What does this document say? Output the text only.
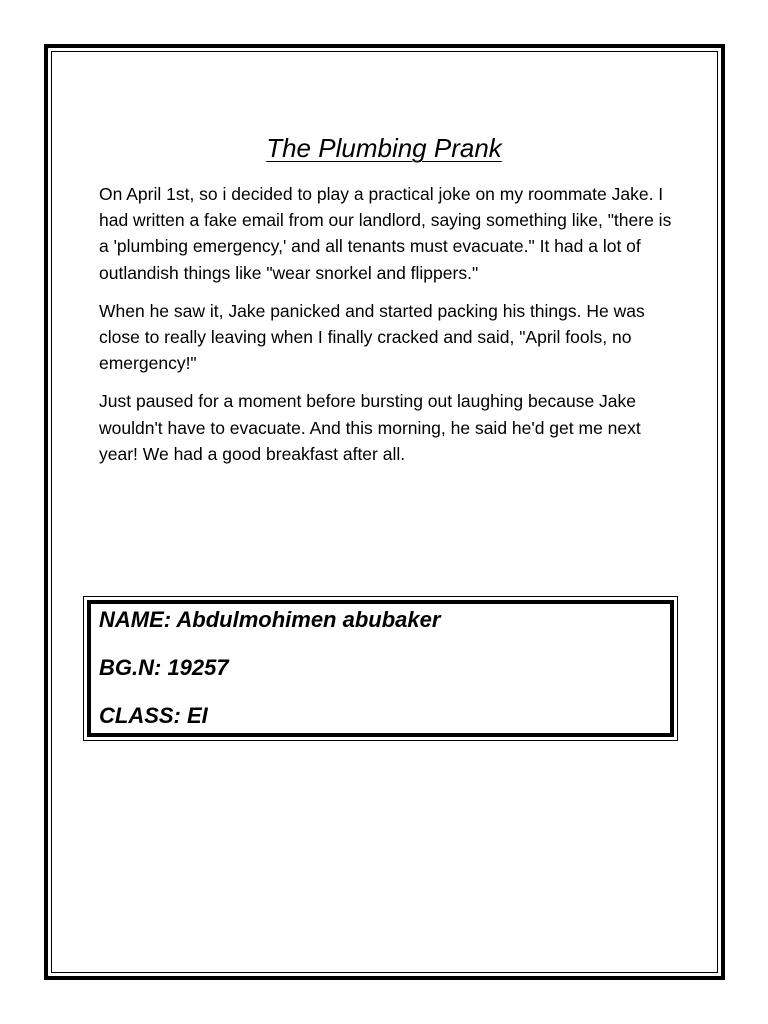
The Plumbing Prank

On April 1st, so i decided to play a practical joke on my roommate Jake. I had written a fake email from our landlord, saying something like, "there is a 'plumbing emergency,' and all tenants must evacuate." It had a lot of outlandish things like "wear snorkel and flippers."

When he saw it, Jake panicked and started packing his things. He was close to really leaving when I finally cracked and said, "April fools, no emergency!"

Just paused for a moment before bursting out laughing because Jake wouldn't have to evacuate. And this morning, he said he'd get me next year! We had a good breakfast after all.

NAME: Abdulmohimen abubaker

BG.N: 19257

CLASS: EI
